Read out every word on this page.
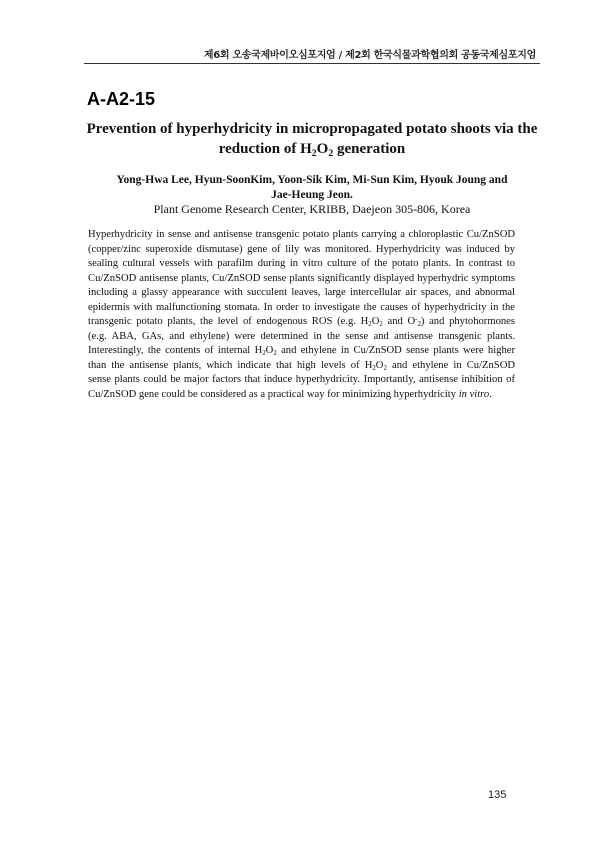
제6회 오송국제바이오심포지엄 / 제2회 한국식물과학협의회 공동국제심포지엄
A-A2-15
Prevention of hyperhydricity in micropropagated potato shoots via the
reduction of $H_2O_2$ generation
Yong-Hwa Lee, Hyun-SoonKim, Yoon-Sik Kim, Mi-Sun Kim, Hyouk Joung and
Jae-Heung Jeon.
Plant Genome Research Center, KRIBB, Daejeon 305-806, Korea
Hyperhydricity in sense and antisense transgenic potato plants carrying a chloroplastic Cu/ZnSOD
(copper/zinc superoxide dismutase) gene of lily was monitored. Hyperhydricity was induced by
sealing cultural vessels with parafilm during in vitro culture of the potato plants. In contrast to
Cu/ZnSOD antisense plants, Cu/ZnSOD sense plants significantly displayed hyperhydric symptoms
including a glassy appearance with succulent leaves, large intercellular air spaces, and abnormal
epidermis with malfunctioning stomata. In order to investigate the causes of hyperhydricity in the
transgenic potato plants, the level of endogenous ROS (e.g. $H_2O_2$ and $O^-_2$) and phytohormones
(e.g. ABA, GAs, and ethylene) were determined in the sense and antisense transgenic plants.
Interestingly, the contents of internal $H_2O_2$ and ethylene in Cu/ZnSOD sense plants were higher
than the antisense plants, which indicate that high levels of $H_2O_2$ and ethylene in Cu/ZnSOD
sense plants could be major factors that induce hyperhydricity. Importantly, antisense inhibition of
Cu/ZnSOD gene could be considered as a practical way for minimizing hyperhydricity in vitro.
135
